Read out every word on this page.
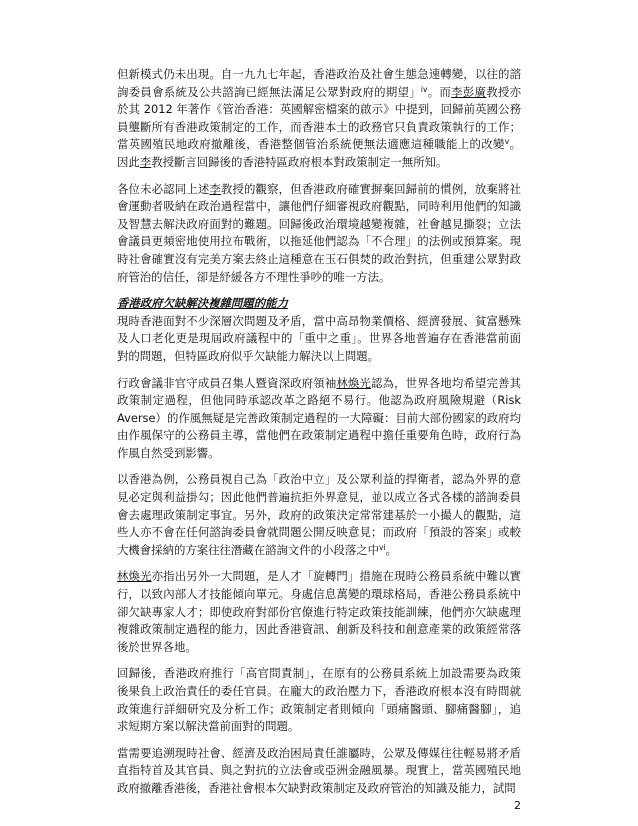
但新模式仍未出現。自一九九七年起，香港政治及社會生態急速轉變，以往的諮
詢委員會系統及公共諮詢已經無法滿足公眾對政府的期望」$^{iv}$。而李彭廣教授亦
於其 2012 年著作《管治香港：英國解密檔案的啟示》中提到，回歸前英國公務
員壟斷所有香港政策制定的工作，而香港本土的政務官只負責政策執行的工作；
當英國殖民地政府撤離後，香港整個管治系統便無法適應這種職能上的改變$^v$。
因此李教授斷言回歸後的香港特區政府根本對政策制定一無所知。
各位未必認同上述李教授的觀察，但香港政府確實摒棄回歸前的慣例，放棄將社
會運動者吸納在政治過程當中，讓他們仔細審視政府觀點，同時利用他們的知識
及智慧去解決政府面對的難題。回歸後政治環境越變複雜，社會越見撕裂；立法
會議員更頻密地使用拉布戰術，以拖延他們認為「不合理」的法例或預算案。現
時社會確實沒有完美方案去終止這種意在玉石俱焚的政治對抗，但重建公眾對政
府管治的信任，卻是紓緩各方不理性爭吵的唯一方法。
香港政府欠缺解決複雜問題的能力
現時香港面對不少深層次問題及矛盾，當中高昂物業價格、經濟發展、貧富懸殊
及人口老化更是現屆政府議程中的「重中之重」。世界各地普遍存在香港當前面
對的問題，但特區政府似乎欠缺能力解決以上問題。
行政會議非官守成員召集人暨資深政府領袖林煥光認為，世界各地均希望完善其
政策制定過程，但他同時承認改革之路絕不易行。他認為政府風險規避（Risk
Averse）的作風無疑是完善政策制定過程的一大障礙：目前大部份國家的政府均
由作風保守的公務員主導，當他們在政策制定過程中擔任重要角色時，政府行為
作風自然受到影響。
以香港為例，公務員視自己為「政治中立」及公眾利益的捍衛者，認為外界的意
見必定與利益掛勾；因此他們普遍抗拒外界意見，並以成立各式各樣的諮詢委員
會去處理政策制定事宜。另外，政府的政策決定常常建基於一小撮人的觀點，這
些人亦不會在任何諮詢委員會就問題公開反映意見；而政府「預設的答案」或較
大機會採納的方案往往潛藏在諮詢文件的小段落之中$^{vi}$。
林煥光亦指出另外一大問題，是人才「旋轉門」措施在現時公務員系統中難以實
行，以致內部人才技能傾向單元。身處信息萬變的環球格局，香港公務員系統中
卻欠缺專家人才；即使政府對部份官僚進行特定政策技能訓練，他們亦欠缺處理
複雜政策制定過程的能力，因此香港資訊、創新及科技和創意產業的政策經常落
後於世界各地。
回歸後，香港政府推行「高官問責制」，在原有的公務員系統上加設需要為政策
後果負上政治責任的委任官員。在龐大的政治壓力下，香港政府根本沒有時間就
政策進行詳細研究及分析工作；政策制定者則傾向「頭痛醫頭、腳痛醫腳」，追
求短期方案以解決當前面對的問題。
當需要追溯現時社會、經濟及政治困局責任誰屬時，公眾及傳媒往往輕易將矛盾
直指特首及其官員、與之對抗的立法會或亞洲金融風暴。現實上，當英國殖民地
政府撤離香港後，香港社會根本欠缺對政策制定及政府管治的知識及能力，試問
2
